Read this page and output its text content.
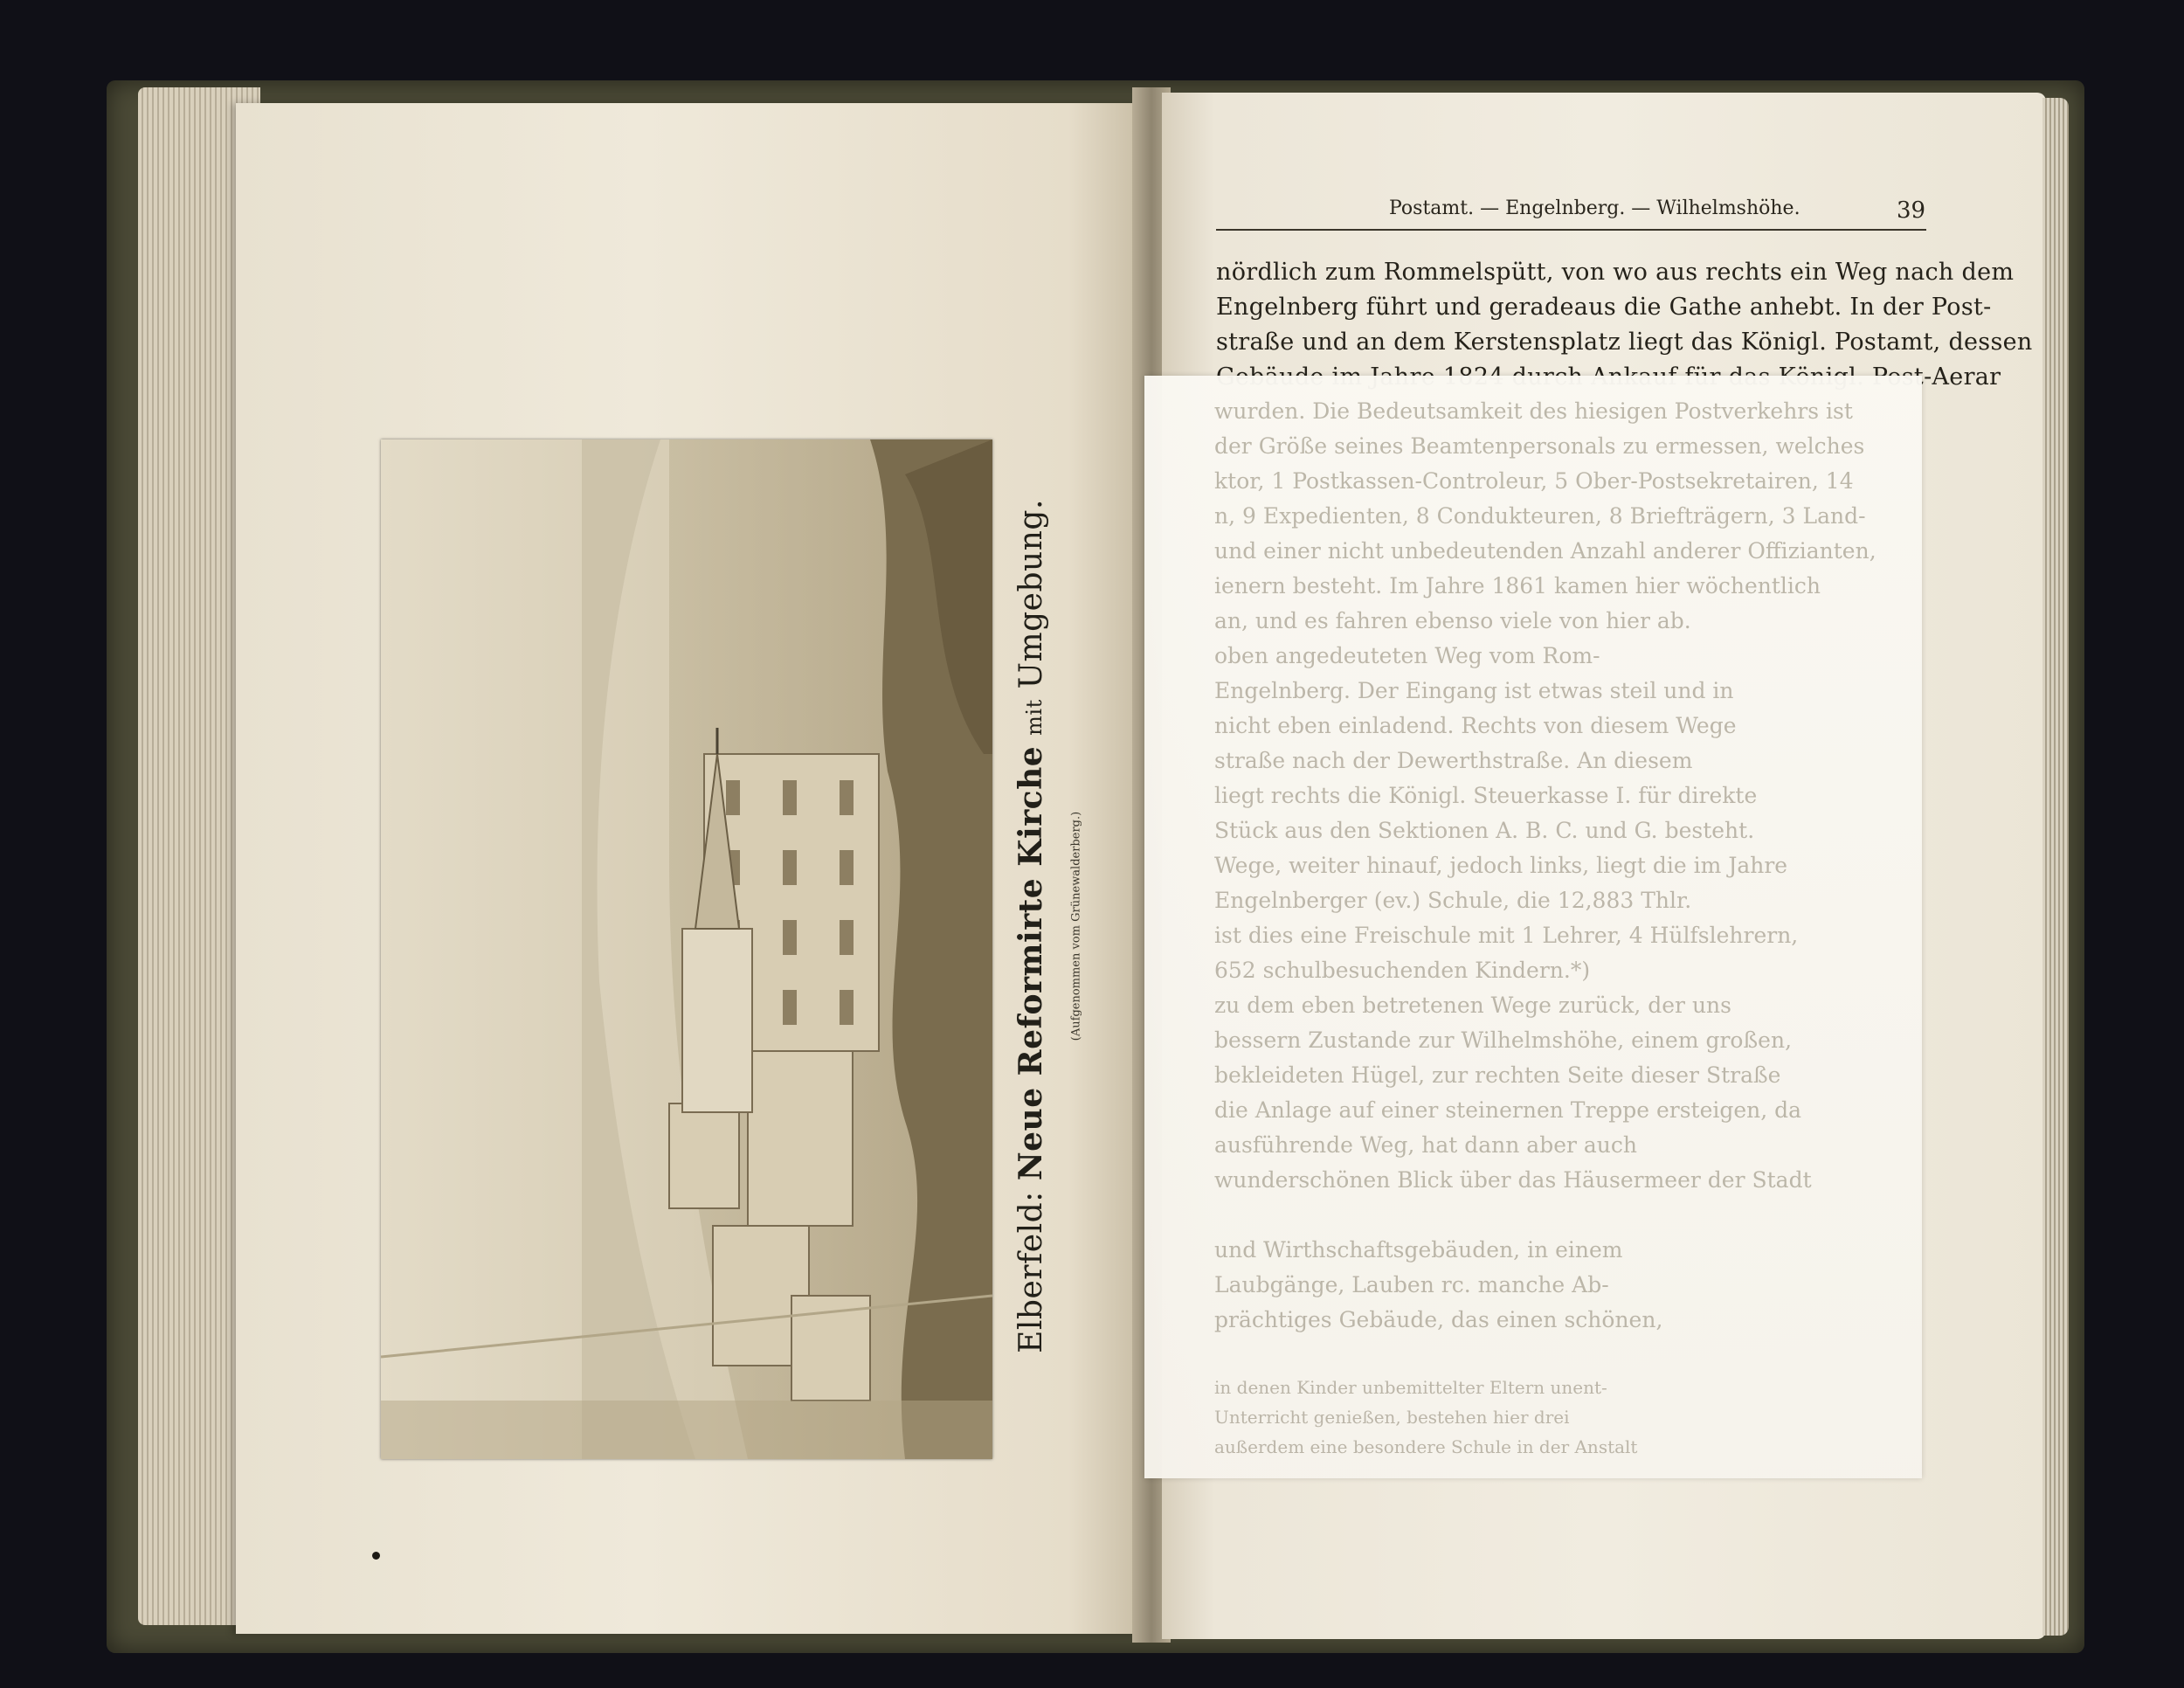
Elberfeld: Neue Reformirte Kirche mit Umgebung.
(Aufgenommen vom Grünewalderberg.)
Postamt. — Engelnberg. — Wilhelmshöhe.	39
nördlich zum Rommelspütt, von wo aus rechts ein Weg nach dem
Engelnberg führt und geradeaus die Gathe anhebt. In der Post-
straße und an dem Kerstensplatz liegt das Königl. Postamt, dessen
wurden. Die Bedeutsamkeit des hiesigen Postverkehrs ist
der Größe seines Beamtenpersonals zu ermessen, welches
ktor, 1 Postkassen-Controleur, 5 Ober-Postsekretairen, 14
n, 9 Expedienten, 8 Condukteuren, 8 Briefträgern, 3 Land-
und einer nicht unbedeutenden Anzahl anderer Offizianten,
ienern besteht. Im Jahre 1861 kamen hier wöchentlich
an, und es fahren ebenso viele von hier ab.
oben angedeuteten Weg vom Rom-
Engelnberg. Der Eingang ist etwas steil und in
nicht eben einladend. Rechts von diesem Wege
straße nach der Dewerthstraße. An diesem
liegt rechts die Königl. Steuerkasse I. für direkte
Stück aus den Sektionen A. B. C. und G. besteht.
Wege, weiter hinauf, jedoch links, liegt die im Jahre
Engelnberger (ev.) Schule, die 12,883 Thlr.
ist dies eine Freischule mit 1 Lehrer, 4 Hülfslehrern,
652 schulbesuchenden Kindern.*)
zu dem eben betretenen Wege zurück, der uns
bessern Zustande zur Wilhelmshöhe, einem großen,
bekleideten Hügel, zur rechten Seite dieser Straße
die Anlage auf einer steinernen Treppe ersteigen, da
ausführende Weg, hat dann aber auch
wunderschönen Blick über das Häusermeer der Stadt
und Wirthschaftsgebäuden, in einem
Laubgänge, Lauben rc. manche Ab-
prächtiges Gebäude, das einen schönen,
in denen Kinder unbemittelter Eltern unent-
Unterricht genießen, bestehen hier drei
außerdem eine besondere Schule in der Anstalt
